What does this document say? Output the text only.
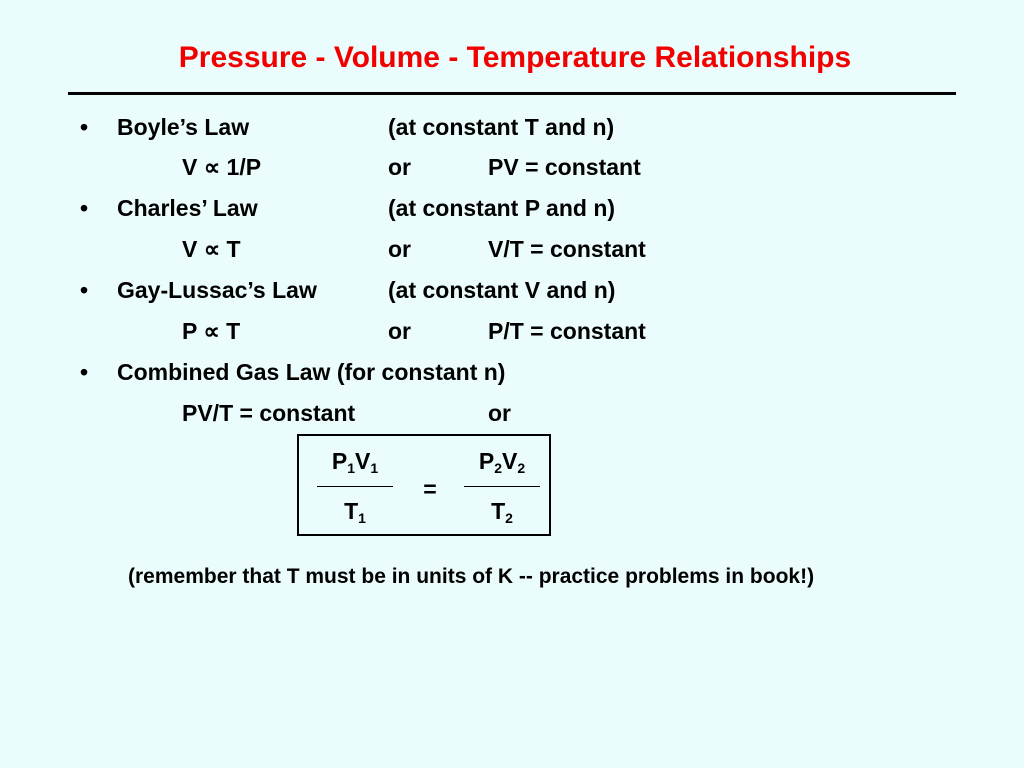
Pressure - Volume - Temperature Relationships
• Boyle’s Law	(at constant T and n)
V ∝ 1/P	or	PV = constant
• Charles’ Law	(at constant P and n)
V ∝ T	or	V/T = constant
• Gay-Lussac’s Law	(at constant V and n)
P ∝ T	or	P/T = constant
• Combined Gas Law (for constant n)
PV/T = constant	or
$P_1V_1$
$T_1$
=
$P_2V_2$
$T_2$
(remember that T must be in units of K -- practice problems in book!)
